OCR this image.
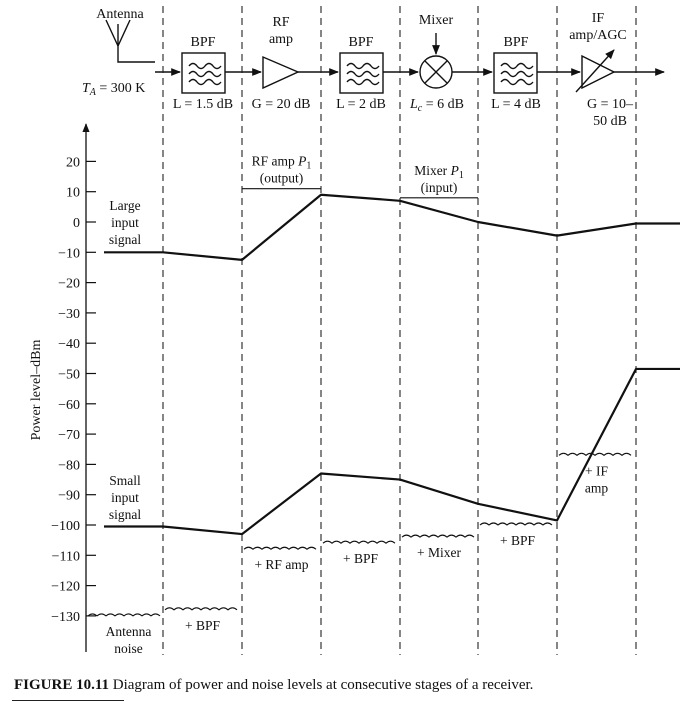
Antenna
$T_A = 300$ K
BPF
L = 1.5 dB
RF
amp
G = 20 dB
BPF
L = 2 dB
Mixer
$L_c = 6$ dB
BPF
L = 4 dB
IF
amp/AGC
G = 10–
50 dB
Power level–dBm
20
10
0
−10
−20
−30
−40
−50
−60
−70
−80
−90
−100
−110
−120
−130
Antenna
noise
+ BPF
+ RF amp	+ BPF	+ Mixer
+ BPF
+ IF
amp
Large
input
signal
Small
input
signal
RF amp $P_1$
(output)
Mixer $P_1$
(input)
FIGURE 10.11 Diagram of power and noise levels at consecutive stages of a receiver.
